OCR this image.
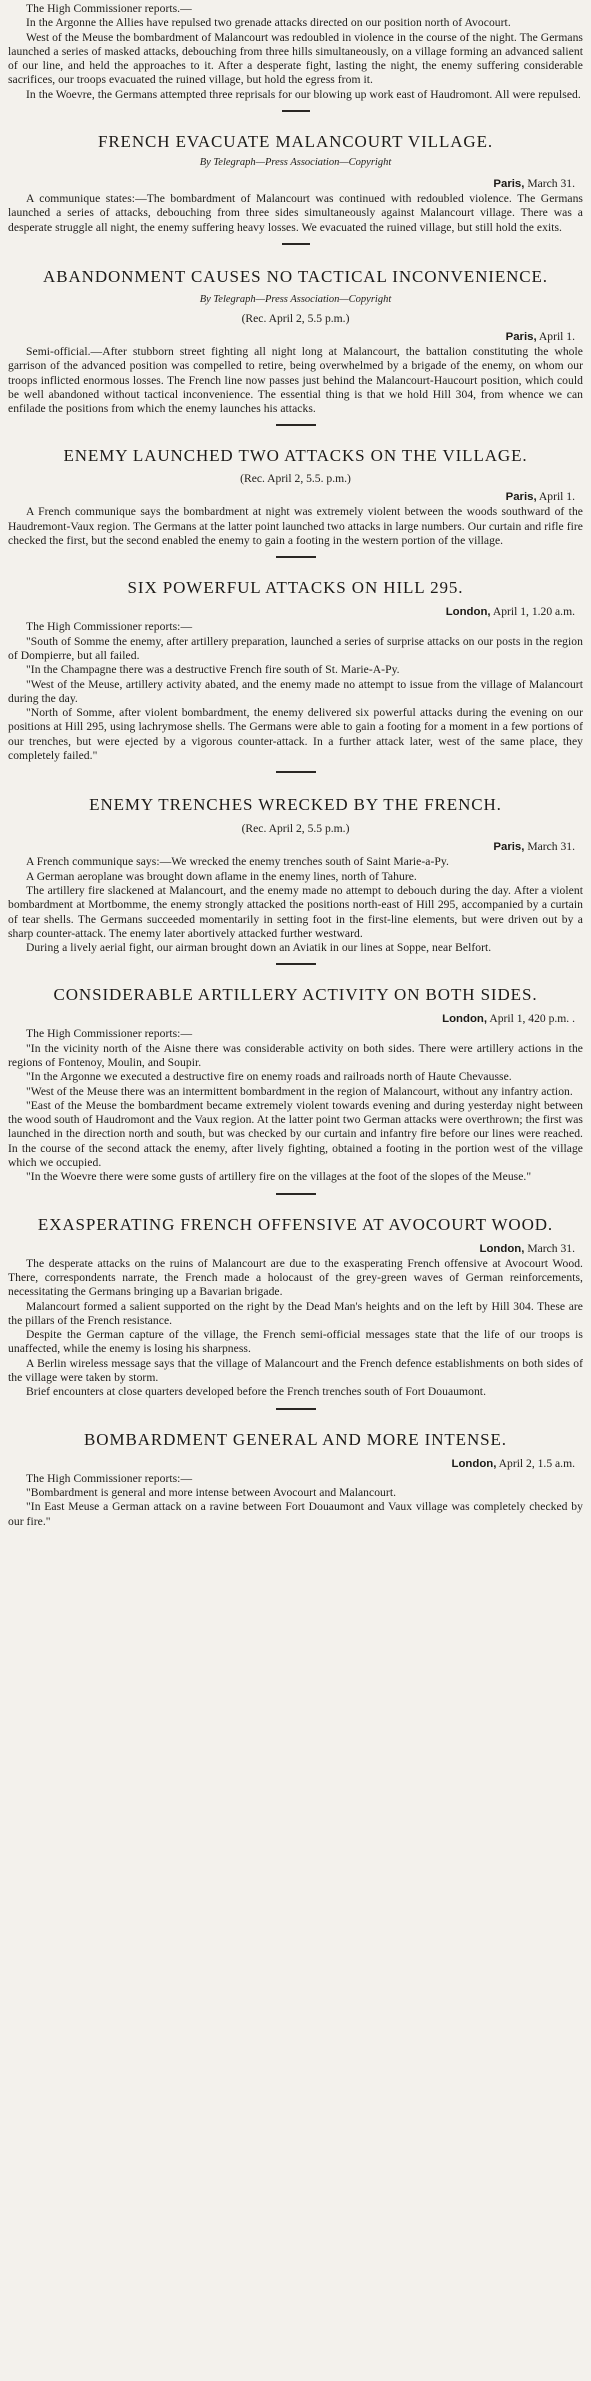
The High Commissioner reports.—

In the Argonne the Allies have repulsed two grenade attacks directed on our position north of Avocourt.

West of the Meuse the bombardment of Malancourt was redoubled in violence in the course of the night. The Germans launched a series of masked attacks, debouching from three hills simultaneously, on a village forming an advanced salient of our line, and held the approaches to it. After a desperate fight, lasting the night, the enemy suffering considerable sacrifices, our troops evacuated the ruined village, but hold the egress from it.

In the Woevre, the Germans attempted three reprisals for our blowing up work east of Haudromont. All were repulsed.

FRENCH EVACUATE MALANCOURT VILLAGE.

By Telegraph—Press Association—Copyright

Paris, March 31.

A communique states:—The bombardment of Malancourt was continued with redoubled violence. The Germans launched a series of attacks, debouching from three sides simultaneously against Malancourt village. There was a desperate struggle all night, the enemy suffering heavy losses. We evacuated the ruined village, but still hold the exits.

ABANDONMENT CAUSES NO TACTICAL INCONVENIENCE.

By Telegraph—Press Association—Copyright

(Rec. April 2, 5.5 p.m.)

Paris, April 1.

Semi-official.—After stubborn street fighting all night long at Malancourt, the battalion constituting the whole garrison of the advanced position was compelled to retire, being overwhelmed by a brigade of the enemy, on whom our troops inflicted enormous losses. The French line now passes just behind the Malancourt-Haucourt position, which could be well abandoned without tactical inconvenience. The essential thing is that we hold Hill 304, from whence we can enfilade the positions from which the enemy launches his attacks.

ENEMY LAUNCHED TWO ATTACKS ON THE VILLAGE.

(Rec. April 2, 5.5. p.m.)

Paris, April 1.

A French communique says the bombardment at night was extremely violent between the woods southward of the Haudremont-Vaux region. The Germans at the latter point launched two attacks in large numbers. Our curtain and rifle fire checked the first, but the second enabled the enemy to gain a footing in the western portion of the village.

SIX POWERFUL ATTACKS ON HILL 295.

London, April 1, 1.20 a.m.

The High Commissioner reports:—

"South of Somme the enemy, after artillery preparation, launched a series of surprise attacks on our posts in the region of Dompierre, but all failed.

"In the Champagne there was a destructive French fire south of St. Marie-A-Py.

"West of the Meuse, artillery activity abated, and the enemy made no attempt to issue from the village of Malancourt during the day.

"North of Somme, after violent bombardment, the enemy delivered six powerful attacks during the evening on our positions at Hill 295, using lachrymose shells. The Germans were able to gain a footing for a moment in a few portions of our trenches, but were ejected by a vigorous counter-attack. In a further attack later, west of the same place, they completely failed."

ENEMY TRENCHES WRECKED BY THE FRENCH.

(Rec. April 2, 5.5 p.m.)

Paris, March 31.

A French communique says:—We wrecked the enemy trenches south of Saint Marie-a-Py.

A German aeroplane was brought down aflame in the enemy lines, north of Tahure.

The artillery fire slackened at Malancourt, and the enemy made no attempt to debouch during the day. After a violent bombardment at Mortbomme, the enemy strongly attacked the positions north-east of Hill 295, accompanied by a curtain of tear shells. The Germans succeeded momentarily in setting foot in the first-line elements, but were driven out by a sharp counter-attack. The enemy later abortively attacked further westward.

During a lively aerial fight, our airman brought down an Aviatik in our lines at Soppe, near Belfort.

CONSIDERABLE ARTILLERY ACTIVITY ON BOTH SIDES.

London, April 1, 420 p.m. .

The High Commissioner reports:—

"In the vicinity north of the Aisne there was considerable activity on both sides. There were artillery actions in the regions of Fontenoy, Moulin, and Soupir.

"In the Argonne we executed a destructive fire on enemy roads and railroads north of Haute Chevausse.

"West of the Meuse there was an intermittent bombardment in the region of Malancourt, without any infantry action.

"East of the Meuse the bombardment became extremely violent towards evening and during yesterday night between the wood south of Haudromont and the Vaux region. At the latter point two German attacks were overthrown; the first was launched in the direction north and south, but was checked by our curtain and infantry fire before our lines were reached. In the course of the second attack the enemy, after lively fighting, obtained a footing in the portion west of the village which we occupied.

"In the Woevre there were some gusts of artillery fire on the villages at the foot of the slopes of the Meuse."

EXASPERATING FRENCH OFFENSIVE AT AVOCOURT WOOD.

London, March 31.

The desperate attacks on the ruins of Malancourt are due to the exasperating French offensive at Avocourt Wood. There, correspondents narrate, the French made a holocaust of the grey-green waves of German reinforcements, necessitating the Germans bringing up a Bavarian brigade.

Malancourt formed a salient supported on the right by the Dead Man's heights and on the left by Hill 304. These are the pillars of the French resistance.

Despite the German capture of the village, the French semi-official messages state that the life of our troops is unaffected, while the enemy is losing his sharpness.

A Berlin wireless message says that the village of Malancourt and the French defence establishments on both sides of the village were taken by storm.

Brief encounters at close quarters developed before the French trenches south of Fort Douaumont.

BOMBARDMENT GENERAL AND MORE INTENSE.

London, April 2, 1.5 a.m.

The High Commissioner reports:—

"Bombardment is general and more intense between Avocourt and Malancourt.

"In East Meuse a German attack on a ravine between Fort Douaumont and Vaux village was completely checked by our fire."
